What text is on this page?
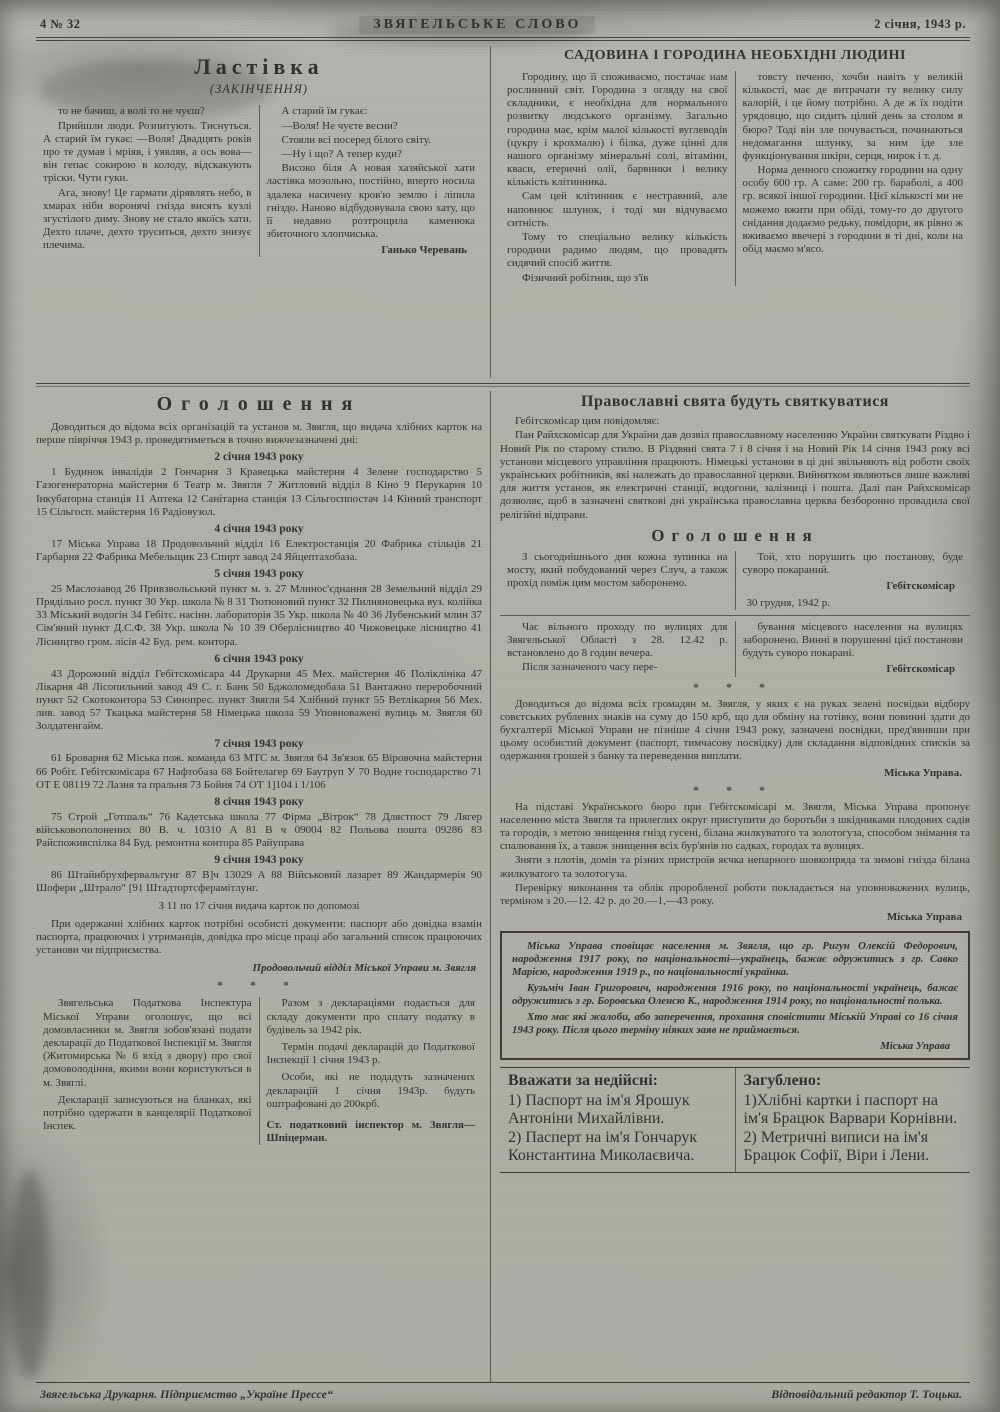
4 № 32	ЗВЯГЕЛЬСЬКЕ СЛОВО	2 січня, 1943 р.
Ластівка
(ЗАКІНЧЕННЯ)

то не бачиш, а волі то не чуєш?

Прийшли люди. Розпитують. Тиснуться. А старий їм гукає: —Воля! Двадцять років про те думав і мріяв, і уявляв, а ось вова—він гепає сокирою в колоду, відскакують тріски. Чути гуки.

Ага, знову! Це гармати дірявлять небо, в хмарах ніби воронячі гнізда висять кузлі згустілого диму. Знову не стало якоїсь хати. Дехто плаче, дехто труситься, дехто знизує плечима.

А старий їм гукає:

—Воля! Не чуєте весни?

Стояли всі посеред білого світу.

—Ну і що? А тепер куди?

Високо біля А новая хазяйської хати ластівка мозольно, постійно, вперто носила здалека насичену кров'ю землю і ліпила гніздо. Наново відбудовувала свою хату, що її недавно розтрощила каменюка збиточного хлопчиська.

Ганько Черевань
САДОВИНА І ГОРОДИНА НЕОБХІДНІ ЛЮДИНІ

Городину, що її споживаємо, постачає нам рослинний світ. Городина з огляду на свої складники, є необхідна для нормального розвитку людського організму. Загально городина має, крім малої кількості вуглеводів (цукру і крохмалю) і білка, дуже цінні для нашого організму мінеральні солі, вітаміни, кваси, етеричні олії, барвники і велику кількість клітинника.

Сам цей клітинник є нестравний, але наповнює шлунок, і тоді ми відчуваємо ситність.

Тому то спеціально велику кількість городини радимо людям, що провадять сидячий спосіб життя.

Фізичний робітник, що з'їв

товсту печеню, хочби навіть у великій кількості, має де витрачати ту велику силу калорій, і це йому потрібно. А де ж їх подіти урядовцю, що сидить цілий день за столом в бюро? Тоді він зле почувається, починаються недомагання шлунку, за ним іде зле функціонування шкіри, серця, нирок і т. д.

Норма денного спожитку городини на одну особу 600 гр. А саме: 200 гр. бараболі, а 400 гр. всякої іншої городини. Цієї кількості ми не можемо вжити при обіді, тому-то до другого снідання додаємо редьку, помідори, як рівно ж вживаємо ввечері з городини в ті дні, коли на обід маємо м'ясо.

Оголошення

Доводиться до відома всіх організацій та установ м. Звягля, що видача хлібних карток на перше півріччя 1943 р. проведятиметься в точно вижчезазначені дні:

2 січня 1943 року

1 Будинок інвалідів 2 Гончарня 3 Кравецька майстерня 4 Зелене господарство 5 Газогенераторна майстерня 6 Театр м. Звягля 7 Житловий відділ 8 Кіно 9 Перукарня 10 Інкубаторна станція 11 Аптека 12 Санітарна станція 13 Сільгосппостач 14 Кінний транспорт 15 Сільгосп. майстерня 16 Радіовузол.

4 січня 1943 року

17 Міська Управа 18 Продовольчий відділ 16 Електростанція 20 Фабрика стільців 21 Гарбарня 22 Фабрика Мебельщик 23 Спирт завод 24 Яйцептахобаза.

5 січня 1943 року

25 Маслозавод 26 Привзвольський пункт м. з. 27 Млиноc'єднання 28 Земельний відділ 29 Прядільно росл. пункт 30 Укр. школа № 8 31 Тютюновий пункт 32 Пилняновецька вуз. колійка 33 Міський водогін 34 Гебітс. насінн. лабораторія 35 Укр. школа № 40 36 Лубенський млин 37 Сім'яний пункт Д.С.Ф. 38 Укр. школа № 10 39 Оберлісництво 40 Чижовецьке лісництво 41 Лісництво гром. лісів 42 Буд. рем. контора.

6 січня 1943 року

43 Дорожний відділ Гебітскомісара 44 Друкарня 45 Мех. майстерня 46 Поліклініка 47 Лікарня 48 Лісопильний завод 49 С. г. Банк 50 Бджоломедобаза 51 Вантажно переробочний пункт 52 Скотоконтора 53 Синопрес. пункт Звягля 54 Хлібний пункт 55 Ветлікарня 56 Мех. лив. завод 57 Ткацька майстерня 58 Німецька школа 59 Уповноважені вулиць м. Звягля 60 Золдатенгайм.

7 січня 1943 року

61 Броварня 62 Міська пож. команда 63 МТС м. Звягля 64 Зв'язок 65 Віровочна майстерня 66 Робіт. Гебітскомісара 67 Нафтобаза 68 Бойтелагер 69 Баутруп У 70 Водне господарство 71 ОТ Е 08119 72 Лазня та пральня 73 Бойня 74 ОТ 1]104 і 1/106

8 січня 1943 року

75 Строй „Готшаль“ 76 Кадетська школа 77 Фірма „Вітрок“ 78 Длястпост 79 Лягер військовополонених 80 В. ч. 10310 А 81 В ч 09004 82 Польова пошта 09286 83 Райспоживспілка 84 Буд. ремонтна контора 85 Райуправа

9 січня 1943 року

86 Штайнбрухфервальтунг 87 В]ч 13029 А 88 Військовий лазарет 89 Жандармерія 90 Шофери „Штрало“ [91 Штадтортсферамітлунг.

З 11 по 17 січня видача карток по допомозі

При одержанні хлібних карток потрібні особисті документи: паспорт або довідка взамін паспорта, працюючих і утриманців, довідка про місце праці або загальний список працюючих установи чи підприємства.

Продовольчий відділ Міської Управи м. Звягля
* * *

Звягельська Податкова Інспектура Міської Управи оголошує, що всі домовласники м. Звягля зобов'язані подати декларації до Податкової Інспекції м. Звягля (Житомирська № 6 вхід з двору) про свої домоволодіння, якими вони користуються в м. Звяглі.

Декларації записуються на бланках, які потрібно одержати в канцелярії Податкової Інспек.

Разом з деклараціями подається для складу документи про сплату податку в будівель за 1942 рік.

Термін подачі декларацій до Податкової Інспекції 1 січня 1943 р.

Особи, які не подадуть зазначених декларацій 1 січня 1943р. будуть оштрафовані до 200крб.

Ст. податковий інспектор м. Звягля—Шпіцерман.
Православні свята будуть святкуватися

Гебітскомісар цим повідомляє:

Пан Райхскомісар для України дав дозвіл православному населенню України святкувати Різдво і Новий Рік по старому стилю. В Різдвяні свята 7 і 8 січня і на Новий Рік 14 січня 1943 року всі установи місцевого управління працюють. Німецькі установи в ці дні звільняють від роботи своїх українських робітників, які належать до православної церкви. Вийнятком являються лише важливі для життя установ, як електричні станції, водогони, залізниці і пошта. Далі пан Райхскомісар дозволяє, щоб в зазначені святкові дні українська православна церква безборонно провадила свої релігійні відправи.

Оголошення

З сьогоднішнього дня кожна зупинка на мосту, який побудований через Случ, а також прохід поміж цим мостом заборонено.

Той, хто порушить цю постанову, буде суворо покараний.

Гебітскомісар
30 грудня, 1942 р.

Час вільного проходу по вулицях для Звягельської Області з 28. 12.42 р. встановлено до 8 годин вечера.

Після зазначеного часу пере-

бування місцевого населення на вулицях заборонено. Винні в порушенні цієї постанови будуть суворо покарані.

Гебітскомісар
* * *

Доводиться до відома всіх громадян м. Звягля, у яких є на руках зелені посвідки відбору совєтських рублевих знаків на суму до 150 крб, що для обміну на готівку, вони повинні здати до бухгалтерії Міської Управи не пізніше 4 січня 1943 року, зазначені посвідки, пред'явивши при цьому особистий документ (паспорт, тимчасову посвідку) для складання відповідних списків за одержання грошей з банку та переведення виплати.

Міська Управа.
* * *

На підставі Українського бюро при Гебітскомісарі м. Звягля, Міська Управа пропонує населенню міста Звягля та прилеглих округ приступити до боротьби з шкідниками плодових садів та городів, з метою знищення гнізд гусені, білана жилкуватого та золотогуза, способом знімання та спалювання їх, а також знищення всіх бур'янів по садках, городах та вулицях.

Зняти з плотів, домів та різних пристроїв яєчка непарного шовкопряда та зимові гнізда білана жилкуватого та золотогуза.

Перевірку виконання та облік проробленої роботи покладається на уповноважених вулиць, терміном з 20.—12. 42 р. до 20.—1,—43 року.

Міська Управа

Міська Управа сповіщає населення м. Звягля, що гр. Ригун Олексій Федорович, народження 1917 року, по національності—українець, бажає одружитись з гр. Савко Марією, народження 1919 р., по національності українка.

Кузьміч Іван Григорович, народження 1916 року, по національності українець, бажає одружитись з гр. Боровська Оленсю К., народження 1914 року, по національності полька.

Хто має які жалоби, або заперечення, прохання сповістити Міській Управі со 16 січня 1943 року. Після цього терміну ніяких заяв не приймається.

Міська Управа
Вважати за недійсні:
1) Паспорт на ім'я Ярошук Антоніни Михайлівни.
2) Пасперт на ім'я Гончарук Константина Миколаєвича.
Загублено:
1)Хлібні картки і паспорт на ім'я Брацюк Варвари Корнівни.
2) Метричні виписи на ім'я Брацюк Софії, Віри і Лени.
Звягельська Друкарня. Підприємство „Україне Прессе“	Відповідальний редактор Т. Тоцька.
